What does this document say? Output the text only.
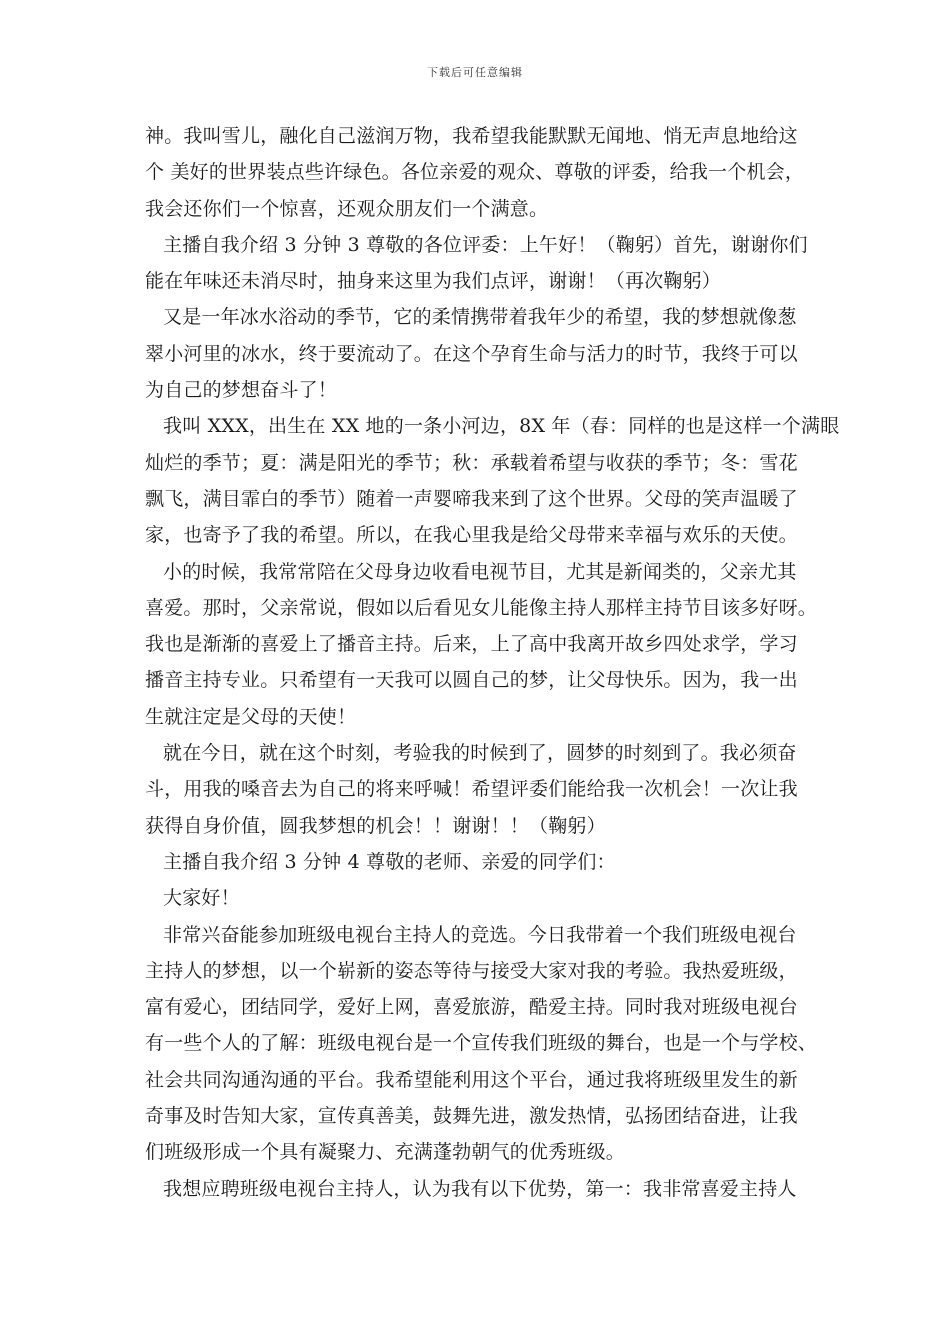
下载后可任意编辑
神。我叫雪儿，融化自己滋润万物，我希望我能默默无闻地、悄无声息地给这
个 美好的世界装点些许绿色。各位亲爱的观众、尊敬的评委，给我一个机会，
我会还你们一个惊喜，还观众朋友们一个满意。
主播自我介绍 3 分钟 3 尊敬的各位评委：上午好！（鞠躬）首先，谢谢你们
能在年味还未消尽时，抽身来这里为我们点评，谢谢！（再次鞠躬）
又是一年冰水浴动的季节，它的柔情携带着我年少的希望，我的梦想就像葱
翠小河里的冰水，终于要流动了。在这个孕育生命与活力的时节，我终于可以
为自己的梦想奋斗了！
我叫 XXX，出生在 XX 地的一条小河边，8X 年（春：同样的也是这样一个满眼
灿烂的季节；夏：满是阳光的季节；秋：承载着希望与收获的季节；冬：雪花
飘飞，满目霏白的季节）随着一声婴啼我来到了这个世界。父母的笑声温暖了
家，也寄予了我的希望。所以，在我心里我是给父母带来幸福与欢乐的天使。
小的时候，我常常陪在父母身边收看电视节目，尤其是新闻类的，父亲尤其
喜爱。那时，父亲常说，假如以后看见女儿能像主持人那样主持节目该多好呀。
我也是渐渐的喜爱上了播音主持。后来，上了高中我离开故乡四处求学，学习
播音主持专业。只希望有一天我可以圆自己的梦，让父母快乐。因为，我一出
生就注定是父母的天使！
就在今日，就在这个时刻，考验我的时候到了，圆梦的时刻到了。我必须奋
斗，用我的嗓音去为自己的将来呼喊！希望评委们能给我一次机会！一次让我
获得自身价值，圆我梦想的机会！！谢谢！！（鞠躬）
主播自我介绍 3 分钟 4 尊敬的老师、亲爱的同学们：
大家好！
非常兴奋能参加班级电视台主持人的竞选。今日我带着一个我们班级电视台
主持人的梦想，以一个崭新的姿态等待与接受大家对我的考验。我热爱班级，
富有爱心，团结同学，爱好上网，喜爱旅游，酷爱主持。同时我对班级电视台
有一些个人的了解：班级电视台是一个宣传我们班级的舞台，也是一个与学校、
社会共同沟通沟通的平台。我希望能利用这个平台，通过我将班级里发生的新
奇事及时告知大家，宣传真善美，鼓舞先进，激发热情，弘扬团结奋进，让我
们班级形成一个具有凝聚力、充满蓬勃朝气的优秀班级。
我想应聘班级电视台主持人，认为我有以下优势，第一：我非常喜爱主持人
